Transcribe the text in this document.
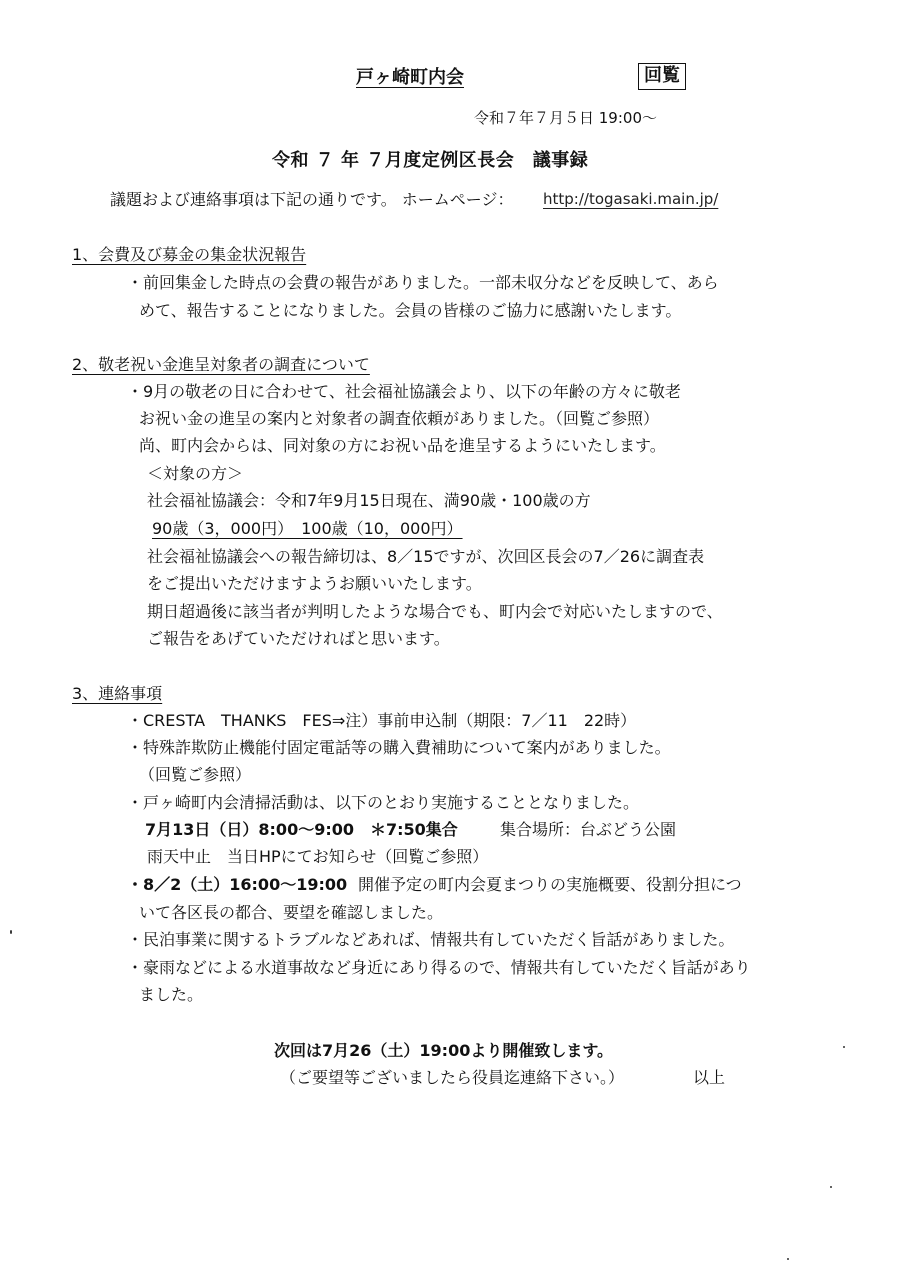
戸ヶ崎町内会	回覧
令和７年７月５日 19:00〜
令和 ７ 年 ７月度定例区長会　議事録
議題および連絡事項は下記の通りです。 ホームページ： http://togasaki.main.jp/
1、会費及び募金の集金状況報告
・前回集金した時点の会費の報告がありました。一部未収分などを反映して、あら
めて、報告することになりました。会員の皆様のご協力に感謝いたします。
2、敬老祝い金進呈対象者の調査について
・9月の敬老の日に合わせて、社会福祉協議会より、以下の年齢の方々に敬老
お祝い金の進呈の案内と対象者の調査依頼がありました。（回覧ご参照）
尚、町内会からは、同対象の方にお祝い品を進呈するようにいたします。
＜対象の方＞
社会福祉協議会：令和7年9月15日現在、満90歳・100歳の方
90歳（3，000円）　100歳（10，000円）
社会福祉協議会への報告締切は、8／15ですが、次回区長会の7／26に調査表
をご提出いただけますようお願いいたします。
期日超過後に該当者が判明したような場合でも、町内会で対応いたしますので、
ご報告をあげていただければと思います。
3、連絡事項
・CRESTA　THANKS　FES⇒注）事前申込制（期限：7／11　22時）
・特殊詐欺防止機能付固定電話等の購入費補助について案内がありました。
（回覧ご参照）
・戸ヶ崎町内会清掃活動は、以下のとおり実施することとなりました。
7月13日（日）8:00〜9:00　＊7:50集合	集合場所：台ぶどう公園
雨天中止　当日HPにてお知らせ（回覧ご参照）
・8／2（土）16:00〜19:00 開催予定の町内会夏まつりの実施概要、役割分担につ
いて各区長の都合、要望を確認しました。
・民泊事業に関するトラブルなどあれば、情報共有していただく旨話がありました。
・豪雨などによる水道事故など身近にあり得るので、情報共有していただく旨話があり
ました。
次回は7月26（土）19:00より開催致します。
（ご要望等ございましたら役員迄連絡下さい。）	以上
